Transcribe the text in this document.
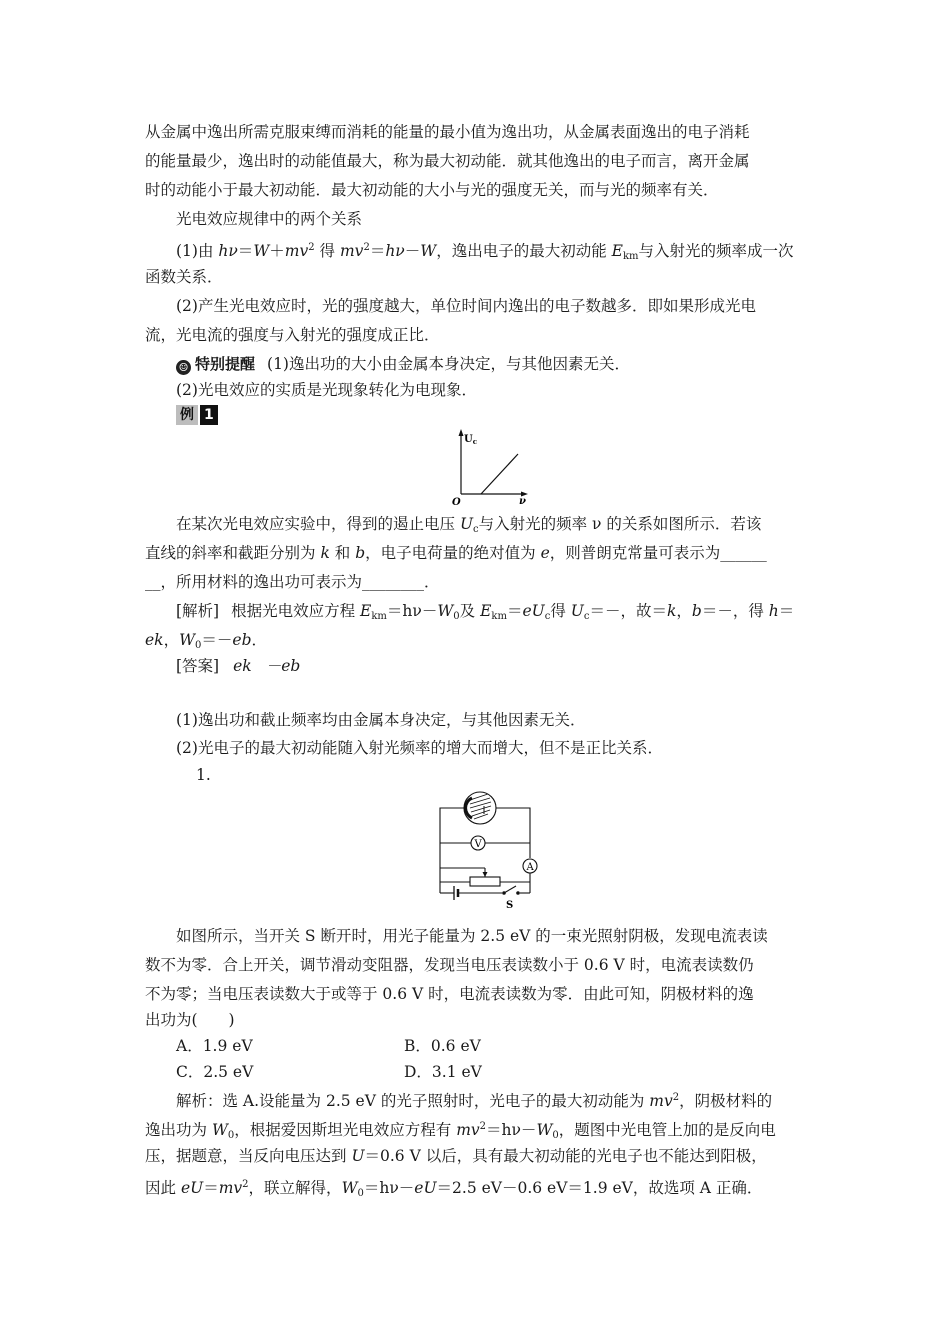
从金属中逸出所需克服束缚而消耗的能量的最小值为逸出功，从金属表面逸出的电子消耗
的能量最少，逸出时的动能值最大，称为最大初动能．就其他逸出的电子而言，离开金属
时的动能小于最大初动能．最大初动能的大小与光的强度无关，而与光的频率有关．
光电效应规律中的两个关系
(1)由 $h\nu=W+mv^2$ 得 $mv^2=h\nu-W$，逸出电子的最大初动能 $E_{km}$与入射光的频率成一次
函数关系．
(2)产生光电效应时，光的强度越大，单位时间内逸出的电子数越多．即如果形成光电
流，光电流的强度与入射光的强度成正比．
☺ 特别提醒 (1)逸出功的大小由金属本身决定，与其他因素无关．
(2)光电效应的实质是光现象转化为电现象．
例 1
$U_c$
O	ν
在某次光电效应实验中，得到的遏止电压 $U_c$与入射光的频率 ν 的关系如图所示．若该
直线的斜率和截距分别为 k 和 b，电子电荷量的绝对值为 e，则普朗克常量可表示为______
__，所用材料的逸出功可表示为________．
[解析] 根据光电效应方程 $E_{km}=h\nu-W_0$及 $E_{km}=eU_c$得 $U_c=-$，故＝k，b＝－，得 h＝
ek，$W_0=-eb$．
[答案] ek －eb
(1)逸出功和截止频率均由金属本身决定，与其他因素无关．
(2)光电子的最大初动能随入射光频率的增大而增大，但不是正比关系．
1.
V
A
S
如图所示，当开关 S 断开时，用光子能量为 2.5 eV 的一束光照射阴极，发现电流表读
数不为零．合上开关，调节滑动变阻器，发现当电压表读数小于 0.6 V 时，电流表读数仍
不为零；当电压表读数大于或等于 0.6 V 时，电流表读数为零．由此可知，阴极材料的逸
出功为(　　)
A．1.9 eV	B．0.6 eV
C．2.5 eV	D．3.1 eV
解析：选 A.设能量为 2.5 eV 的光子照射时，光电子的最大初动能为 $mv^2$，阴极材料的
逸出功为 $W_0$，根据爱因斯坦光电效应方程有 $mv^2=h\nu-W_0$，题图中光电管上加的是反向电
压，据题意，当反向电压达到 U＝0.6 V 以后，具有最大初动能的光电子也不能达到阳极，
因此 $eU=mv^2$，联立解得，$W_0=h\nu-eU=2.5$ eV－0.6 eV＝1.9 eV，故选项 A 正确．
